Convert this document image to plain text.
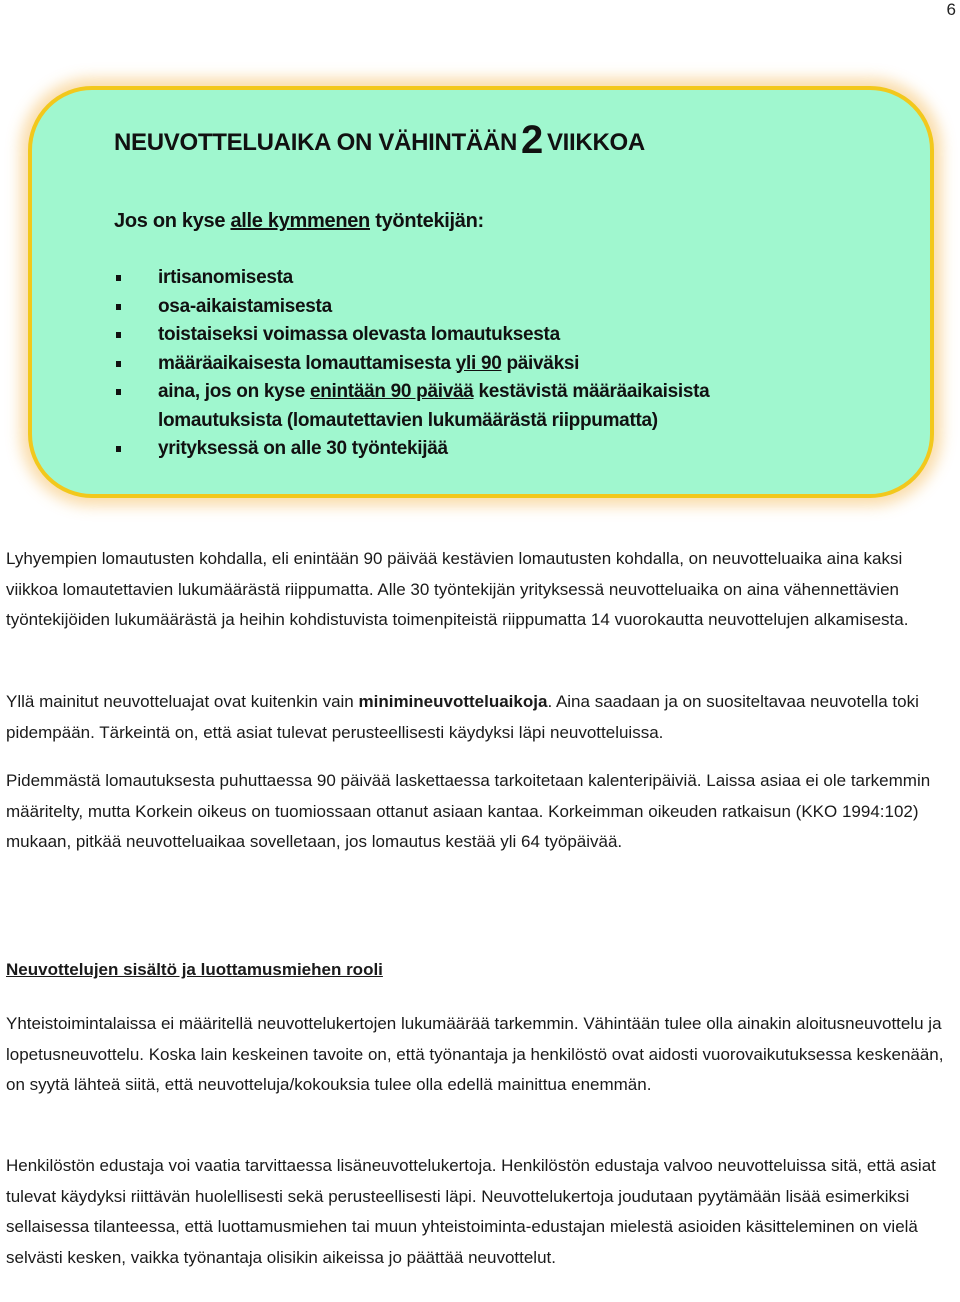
6
NEUVOTTELUAIKA ON VÄHINTÄÄN 2 VIIKKOA

Jos on kyse alle kymmenen työntekijän:

irtisanomisesta
osa-aikaistamisesta
toistaiseksi voimassa olevasta lomautuksesta
määräaikaisesta lomauttamisesta yli 90 päiväksi
aina, jos on kyse enintään 90 päivää kestävistä määräaikaisista lomautuksista (lomautettavien lukumäärästä riippumatta)
yrityksessä on alle 30 työntekijää

Lyhyempien lomautusten kohdalla, eli enintään 90 päivää kestävien lomautusten kohdalla, on neuvotteluaika aina kaksi viikkoa lomautettavien lukumäärästä riippumatta. Alle 30 työntekijän yrityksessä neuvotteluaika on aina vähennettävien työntekijöiden lukumäärästä ja heihin kohdistuvista toimenpiteistä riippumatta 14 vuorokautta neuvottelujen alkamisesta.

Yllä mainitut neuvotteluajat ovat kuitenkin vain minimineuvotteluaikoja. Aina saadaan ja on suositeltavaa neuvotella toki pidempään. Tärkeintä on, että asiat tulevat perusteellisesti käydyksi läpi neuvotteluissa.

Pidemmästä lomautuksesta puhuttaessa 90 päivää laskettaessa tarkoitetaan kalenteripäiviä. Laissa asiaa ei ole tarkemmin määritelty, mutta Korkein oikeus on tuomiossaan ottanut asiaan kantaa. Korkeimman oikeuden ratkaisun (KKO 1994:102) mukaan, pitkää neuvotteluaikaa sovelletaan, jos lomautus kestää yli 64 työpäivää.

Neuvottelujen sisältö ja luottamusmiehen rooli

Yhteistoimintalaissa ei määritellä neuvottelukertojen lukumäärää tarkemmin. Vähintään tulee olla ainakin aloitusneuvottelu ja lopetusneuvottelu. Koska lain keskeinen tavoite on, että työnantaja ja henkilöstö ovat aidosti vuorovaikutuksessa keskenään, on syytä lähteä siitä, että neuvotteluja/kokouksia tulee olla edellä mainittua enemmän.

Henkilöstön edustaja voi vaatia tarvittaessa lisäneuvottelukertoja. Henkilöstön edustaja valvoo neuvotteluissa sitä, että asiat tulevat käydyksi riittävän huolellisesti sekä perusteellisesti läpi. Neuvottelukertoja joudutaan pyytämään lisää esimerkiksi sellaisessa tilanteessa, että luottamusmiehen tai muun yhteistoiminta-edustajan mielestä asioiden käsitteleminen on vielä selvästi kesken, vaikka työnantaja olisikin aikeissa jo päättää neuvottelut.
